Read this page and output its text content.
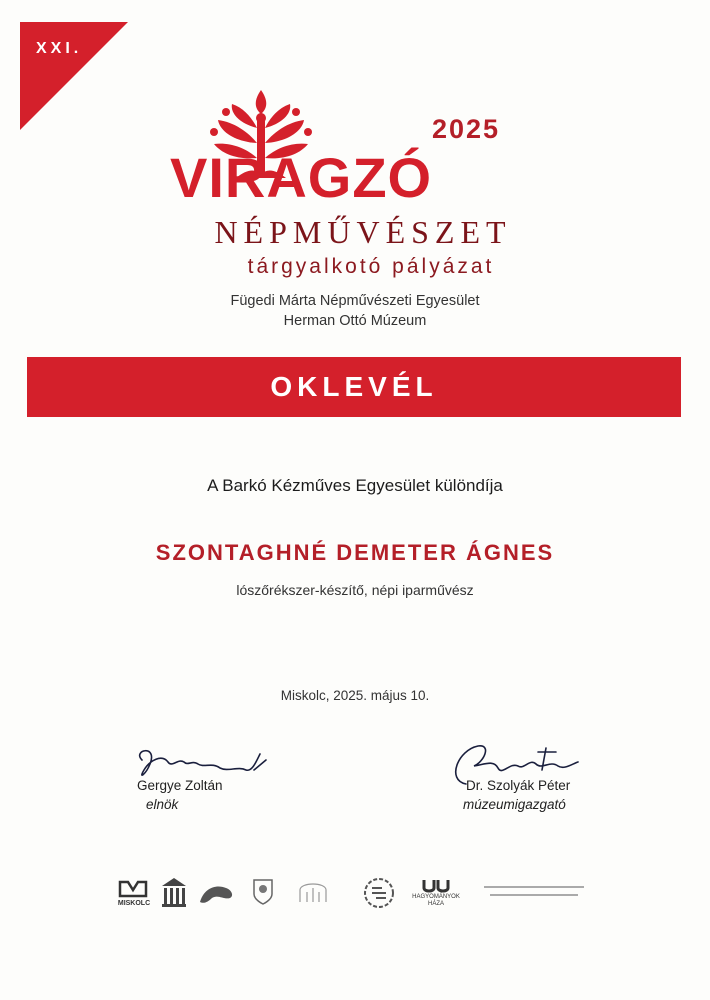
XXI.
2025
VIRÁGZÓ
NÉPMŰVÉSZET
tárgyalkotó pályázat
Fügedi Márta Népművészeti Egyesület
Herman Ottó Múzeum
OKLEVÉL
A Barkó Kézműves Egyesület különdíja
SZONTAGHNÉ DEMETER ÁGNES
lószőrékszer-készítő, népi iparművész
Miskolc, 2025. május 10.
Gergye Zoltán
elnök
Dr. Szolyák Péter
múzeumigazgató
MISKOLC
HAGYOMÁNYOK HÁZA
